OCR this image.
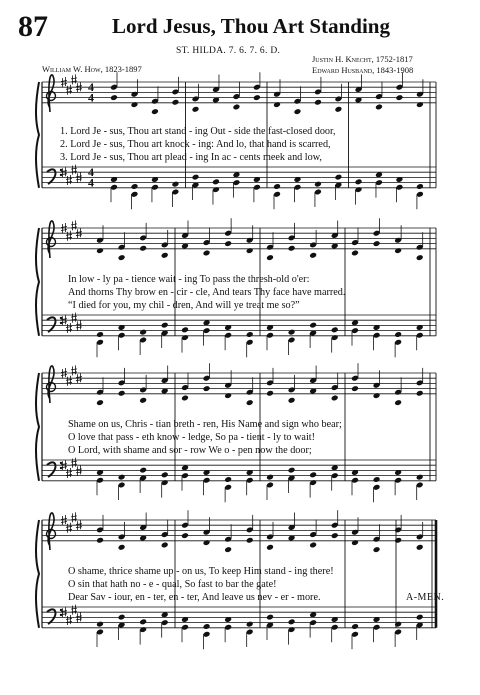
87	Lord Jesus, Thou Art Standing
ST. HILDA. 7. 6. 7. 6. D.
William W. How, 1823-1897
Justin H. Knecht, 1752-1817
Edward Husband, 1843-1908
4
4
4
4
1. Lord Je - sus, Thou art stand - ing Out - side the fast-closed door,
2. Lord Je - sus, Thou art knock - ing: And lo, that hand is scarred,
3. Lord Je - sus, Thou art plead - ing In ac - cents meek and low,
In low - ly pa - tience wait - ing To pass the thresh-old o'er:
And thorns Thy brow en - cir - cle, And tears Thy face have marred.
“I died for you, my chil - dren, And will ye treat me so?”
Shame on us, Chris - tian breth - ren, His Name and sign who bear;
O love that pass - eth know - ledge, So pa - tient - ly to wait!
O Lord, with shame and sor - row We o - pen now the door;
O shame, thrice shame up - on us, To keep Him stand - ing there!
O sin that hath no - e - qual, So fast to bar the gate!
Dear Sav - iour, en - ter, en - ter, And leave us nev - er - more.	A-MEN.
